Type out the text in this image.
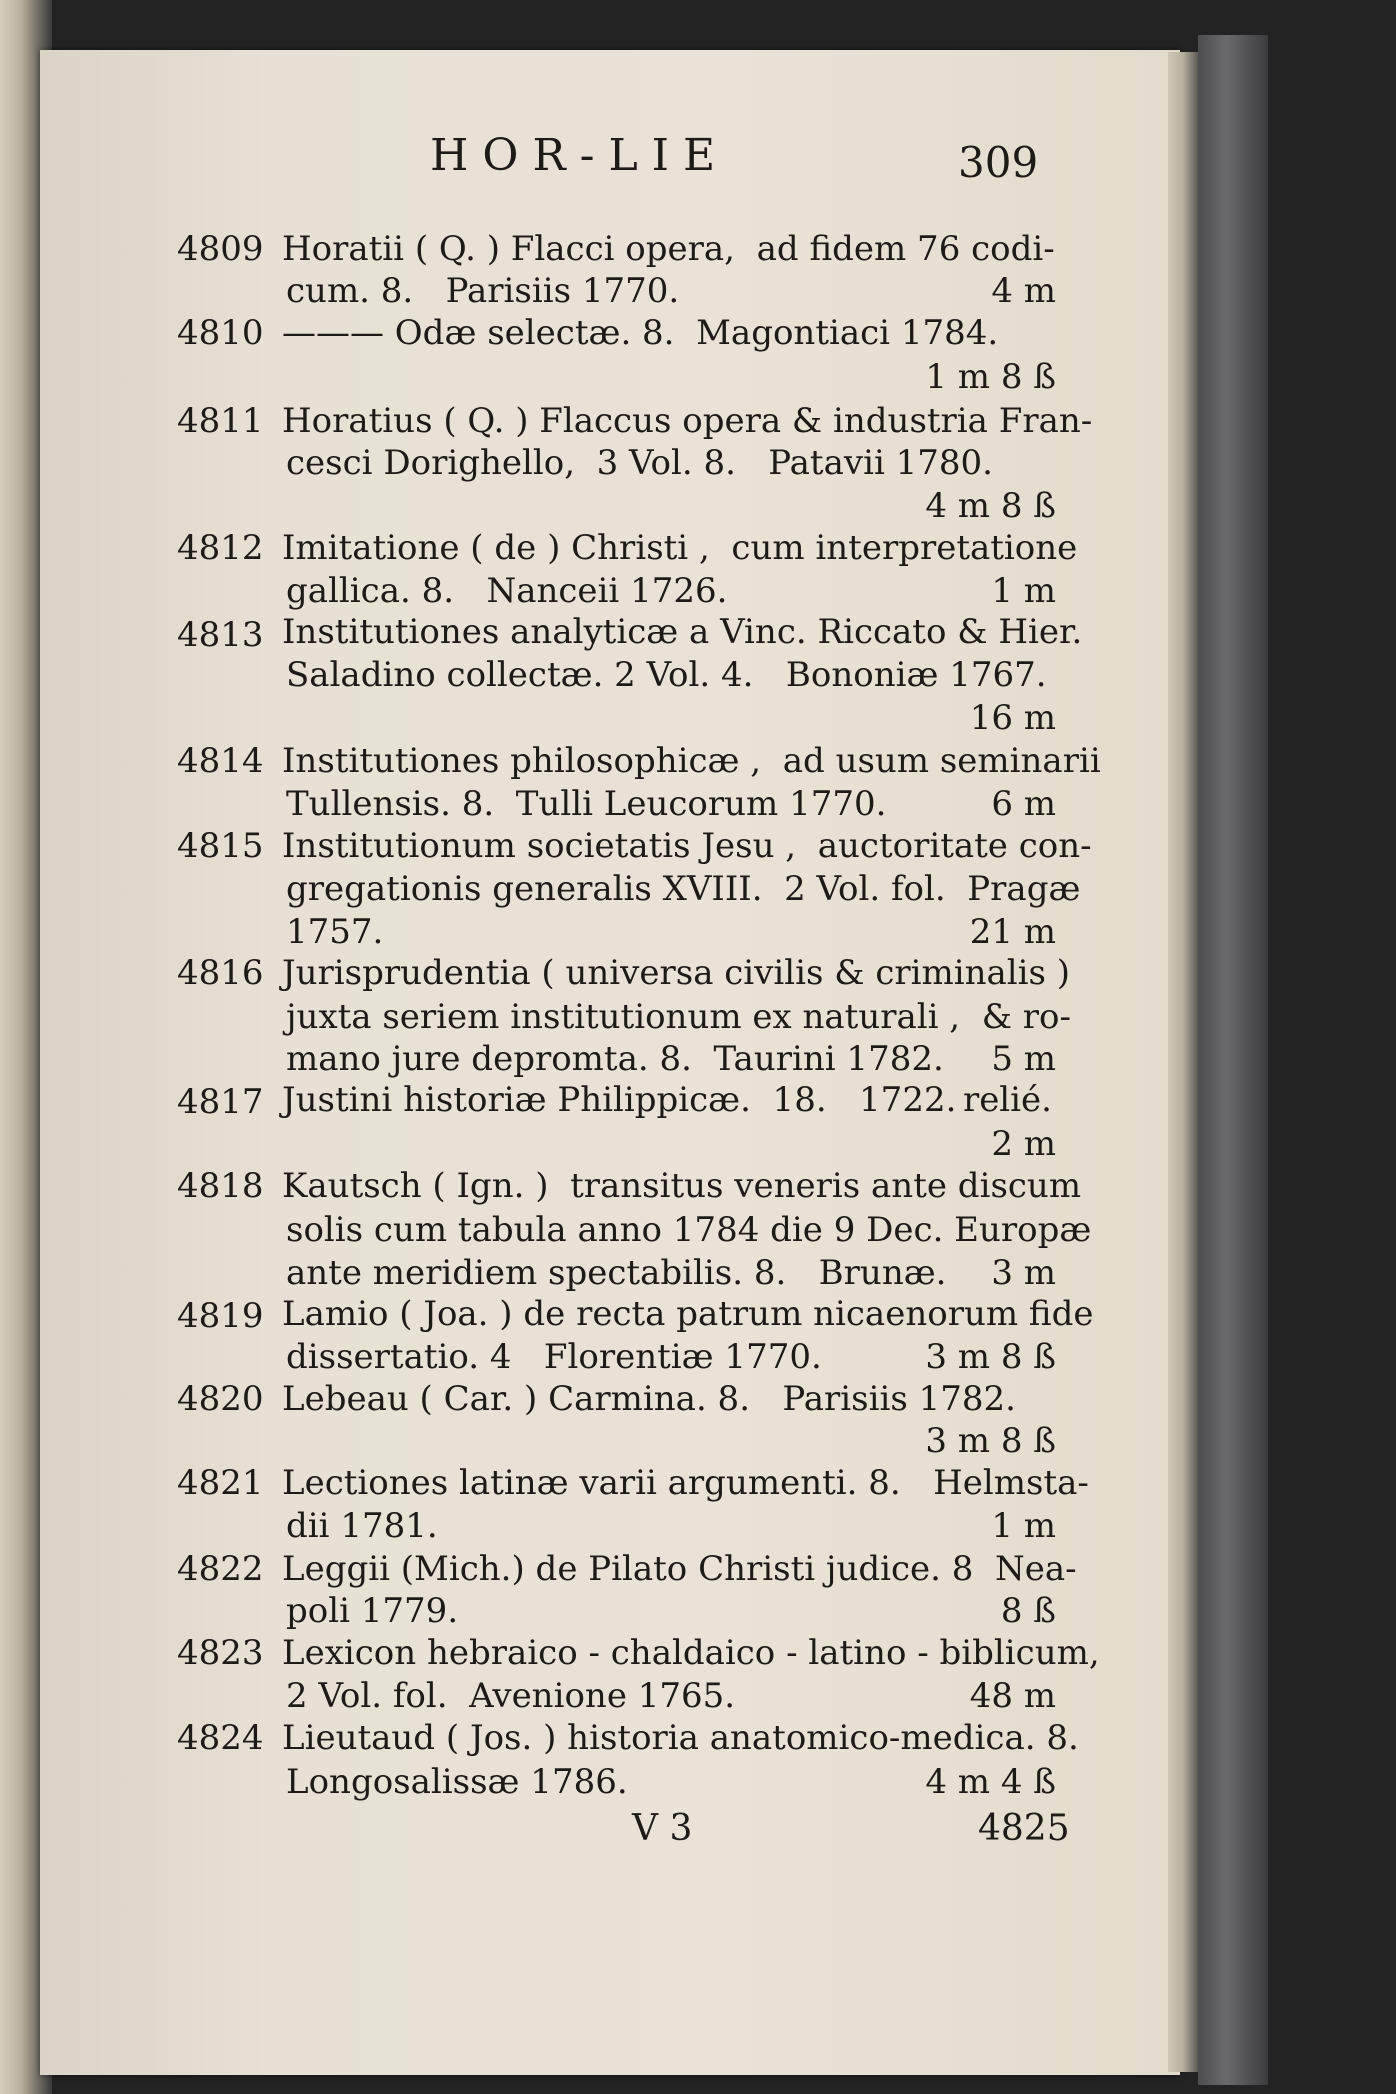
HOR-LIE	309
4809 Horatii ( Q. ) Flacci opera,  ad fidem 76 codi-
cum. 8.   Parisiis 1770.	4 m
4810 ——— Odæ selectæ. 8.  Magontiaci 1784.
1 m 8 ß
4811 Horatius ( Q. ) Flaccus opera & industria Fran-
cesci Dorighello,  3 Vol. 8.   Patavii 1780.
4 m 8 ß
4812 Imitatione ( de ) Christi ,  cum interpretatione
gallica. 8.   Nanceii 1726.	1 m
4813 Institutiones analyticæ a Vinc. Riccato & Hier.
Saladino collectæ. 2 Vol. 4.   Bononiæ 1767.
16 m
4814 Institutiones philosophicæ ,  ad usum seminarii
Tullensis. 8.  Tulli Leucorum 1770.	6 m
4815 Institutionum societatis Jesu ,  auctoritate con-
gregationis generalis XVIII.  2 Vol. fol.  Pragæ
1757.	21 m
4816 Jurisprudentia ( universa civilis & criminalis )
juxta seriem institutionum ex naturali ,  & ro-
mano jure depromta. 8.  Taurini 1782. 5 m
4817 Justini historiæ Philippicæ.  18.   1722. relié.
2 m
4818 Kautsch ( Ign. )  transitus veneris ante discum
solis cum tabula anno 1784 die 9 Dec. Europæ
ante meridiem spectabilis. 8.   Brunæ. 3 m
4819 Lamio ( Joa. ) de recta patrum nicaenorum fide
dissertatio. 4   Florentiæ 1770.	3 m 8 ß
4820 Lebeau ( Car. ) Carmina. 8.   Parisiis 1782.
3 m 8 ß
4821 Lectiones latinæ varii argumenti. 8.   Helmsta-
dii 1781.	1 m
4822 Leggii (Mich.) de Pilato Christi judice. 8  Nea-
poli 1779.	8 ß
4823 Lexicon hebraico - chaldaico - latino - biblicum,
2 Vol. fol.  Avenione 1765.	48 m
4824 Lieutaud ( Jos. ) historia anatomico-medica. 8.
Longosalissæ 1786.	4 m 4 ß
V 3	4825
